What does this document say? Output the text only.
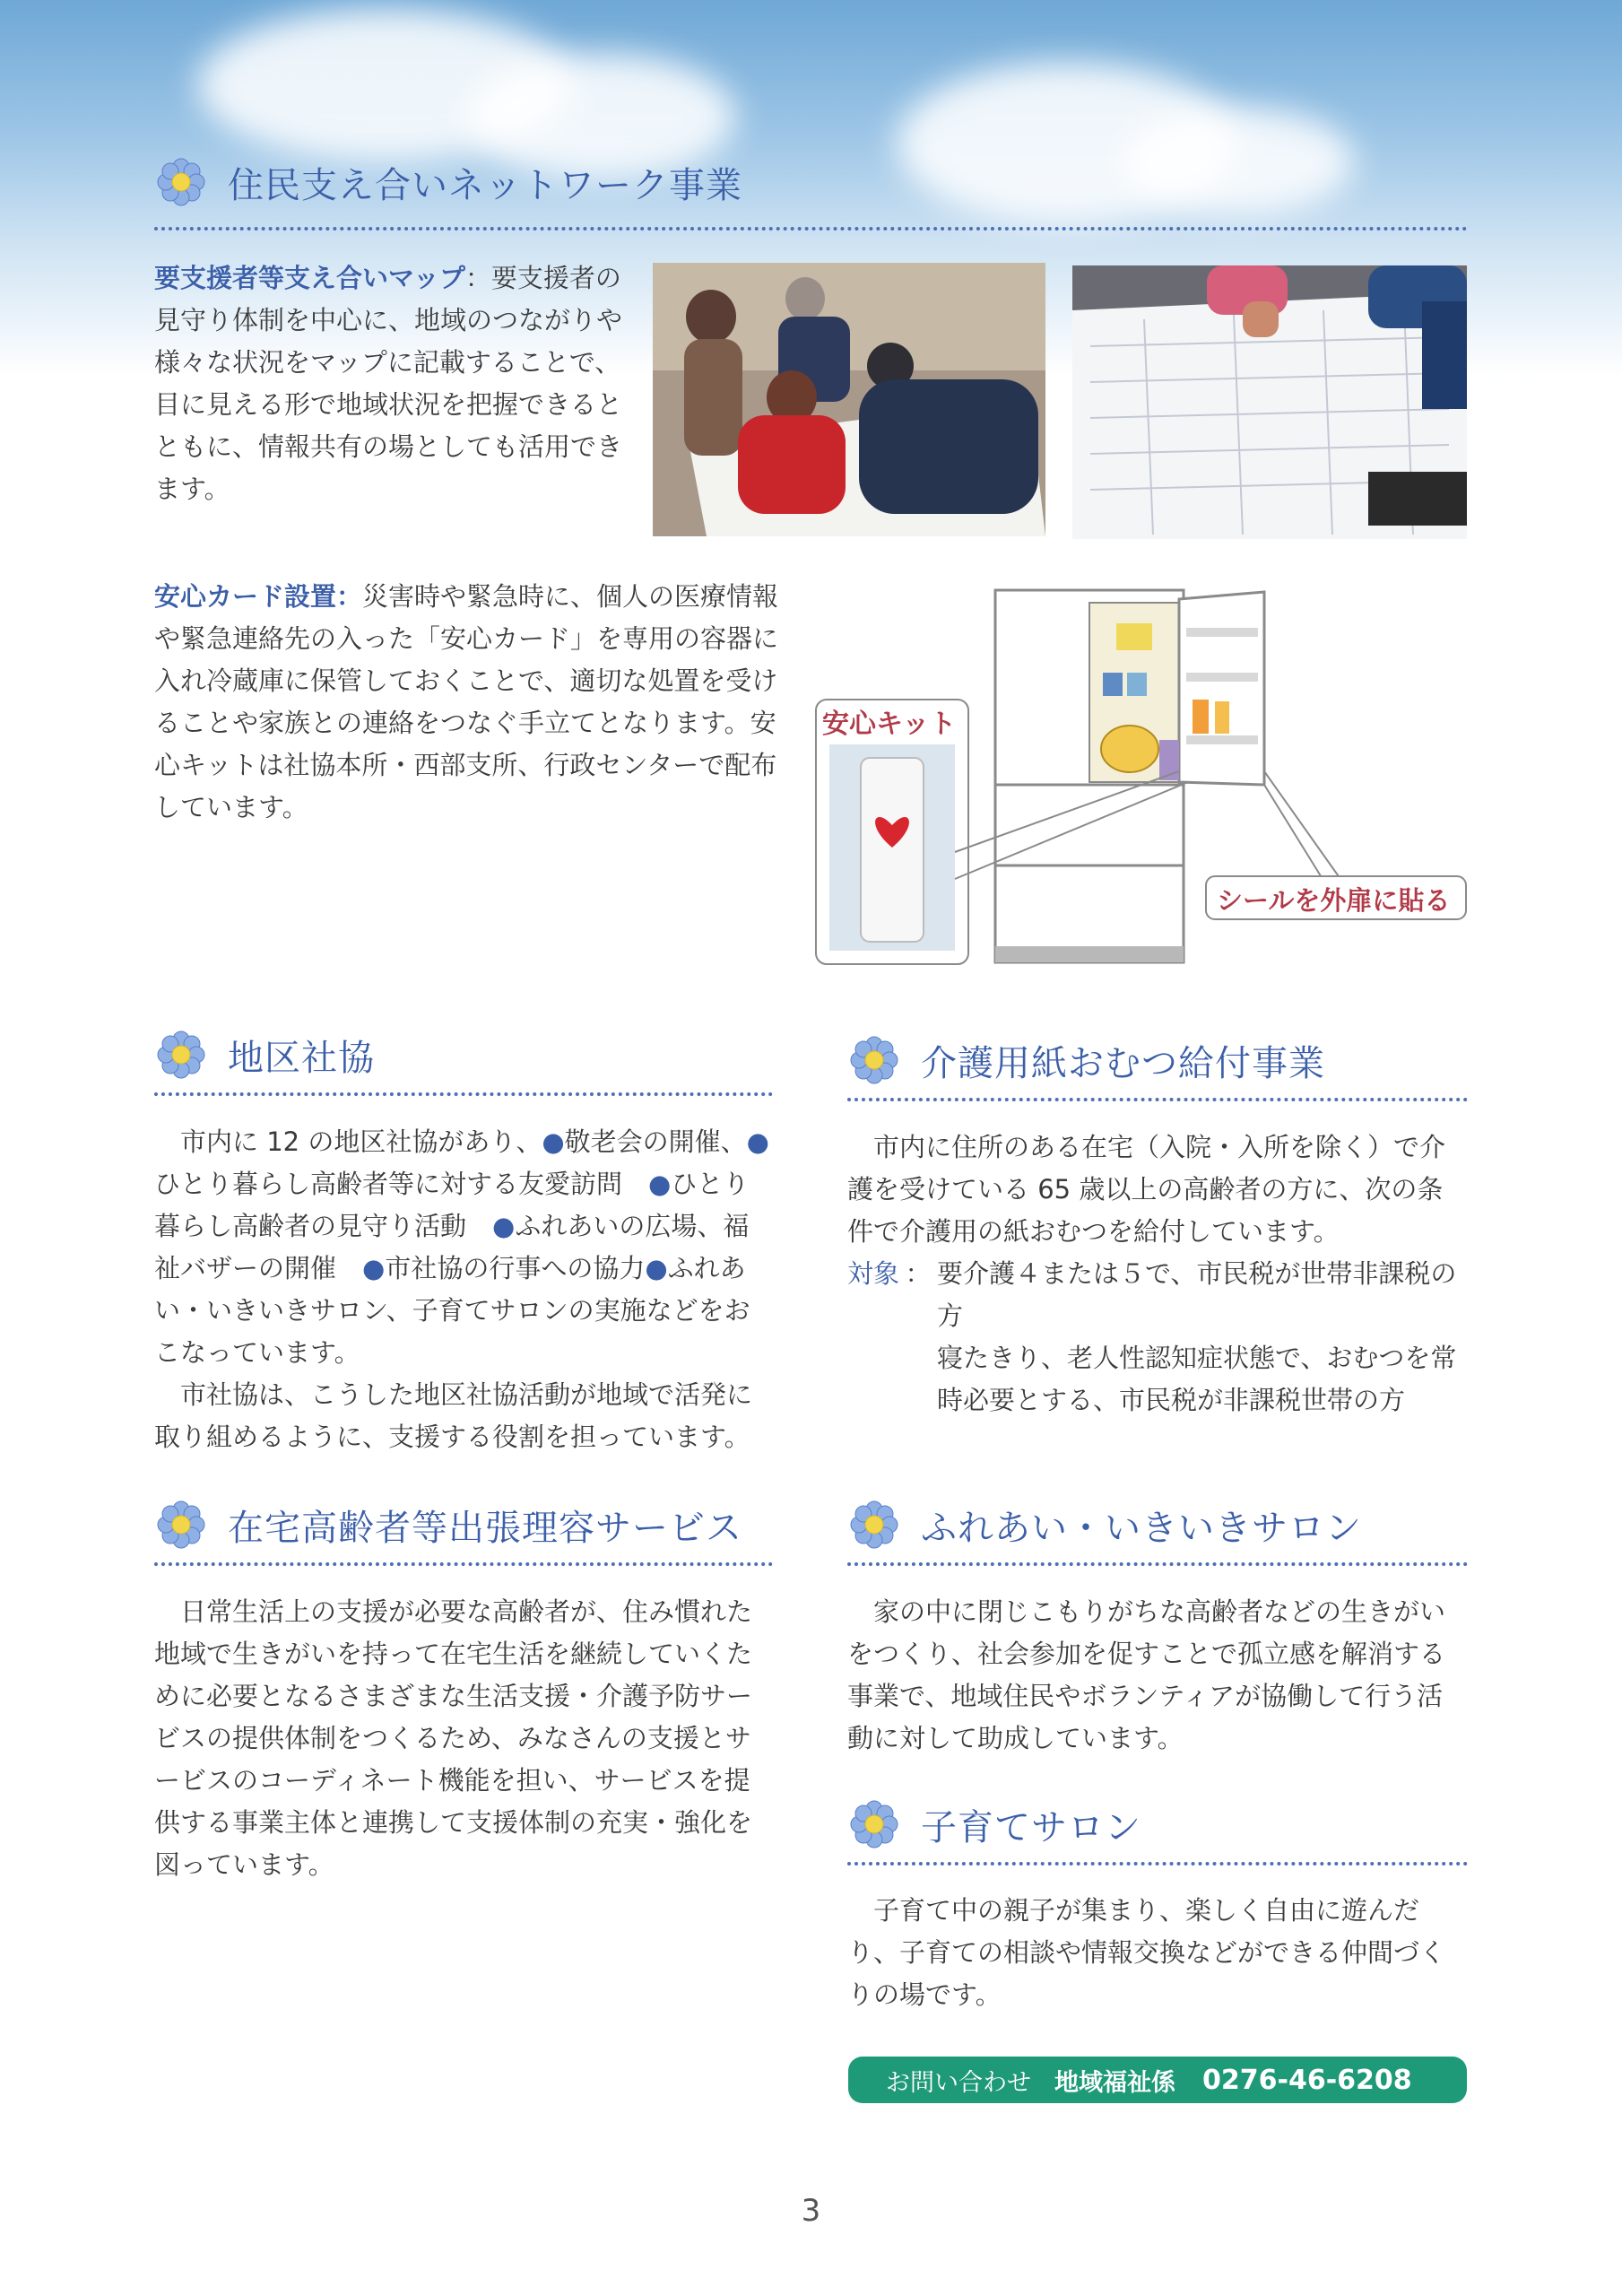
住民支え合いネットワーク事業

要支援者等支え合いマップ：要支援者の見守り体制を中心に、地域のつながりや様々な状況をマップに記載することで、目に見える形で地域状況を把握できるとともに、情報共有の場としても活用できます。

安心カード設置：災害時や緊急時に、個人の医療情報や緊急連絡先の入った「安心カード」を専用の容器に入れ冷蔵庫に保管しておくことで、適切な処置を受けることや家族との連絡をつなぐ手立てとなります。安心キットは社協本所・西部支所、行政センターで配布しています。

安心キット
シールを外扉に貼る
地区社協

市内に 12 の地区社協があり、●敬老会の開催、●ひとり暮らし高齢者等に対する友愛訪問　●ひとり暮らし高齢者の見守り活動　●ふれあいの広場、福祉バザーの開催　●市社協の行事への協力●ふれあい・いきいきサロン、子育てサロンの実施などをおこなっています。

市社協は、こうした地区社協活動が地域で活発に取り組めるように、支援する役割を担っています。

介護用紙おむつ給付事業

市内に住所のある在宅（入院・入所を除く）で介護を受けている 65 歳以上の高齢者の方に、次の条件で介護用の紙おむつを給付しています。

対象 ： 要介護４または５で、市民税が世帯非課税の方

寝たきり、老人性認知症状態で、おむつを常時必要とする、市民税が非課税世帯の方

在宅高齢者等出張理容サービス

日常生活上の支援が必要な高齢者が、住み慣れた地域で生きがいを持って在宅生活を継続していくために必要となるさまざまな生活支援・介護予防サービスの提供体制をつくるため、みなさんの支援とサービスのコーディネート機能を担い、サービスを提供する事業主体と連携して支援体制の充実・強化を図っています。

ふれあい・いきいきサロン

家の中に閉じこもりがちな高齢者などの生きがいをつくり、社会参加を促すことで孤立感を解消する事業で、地域住民やボランティアが協働して行う活動に対して助成しています。

子育てサロン

子育て中の親子が集まり、楽しく自由に遊んだり、子育ての相談や情報交換などができる仲間づくりの場です。

お問い合わせ 地域福祉係 0276-46-6208
3
